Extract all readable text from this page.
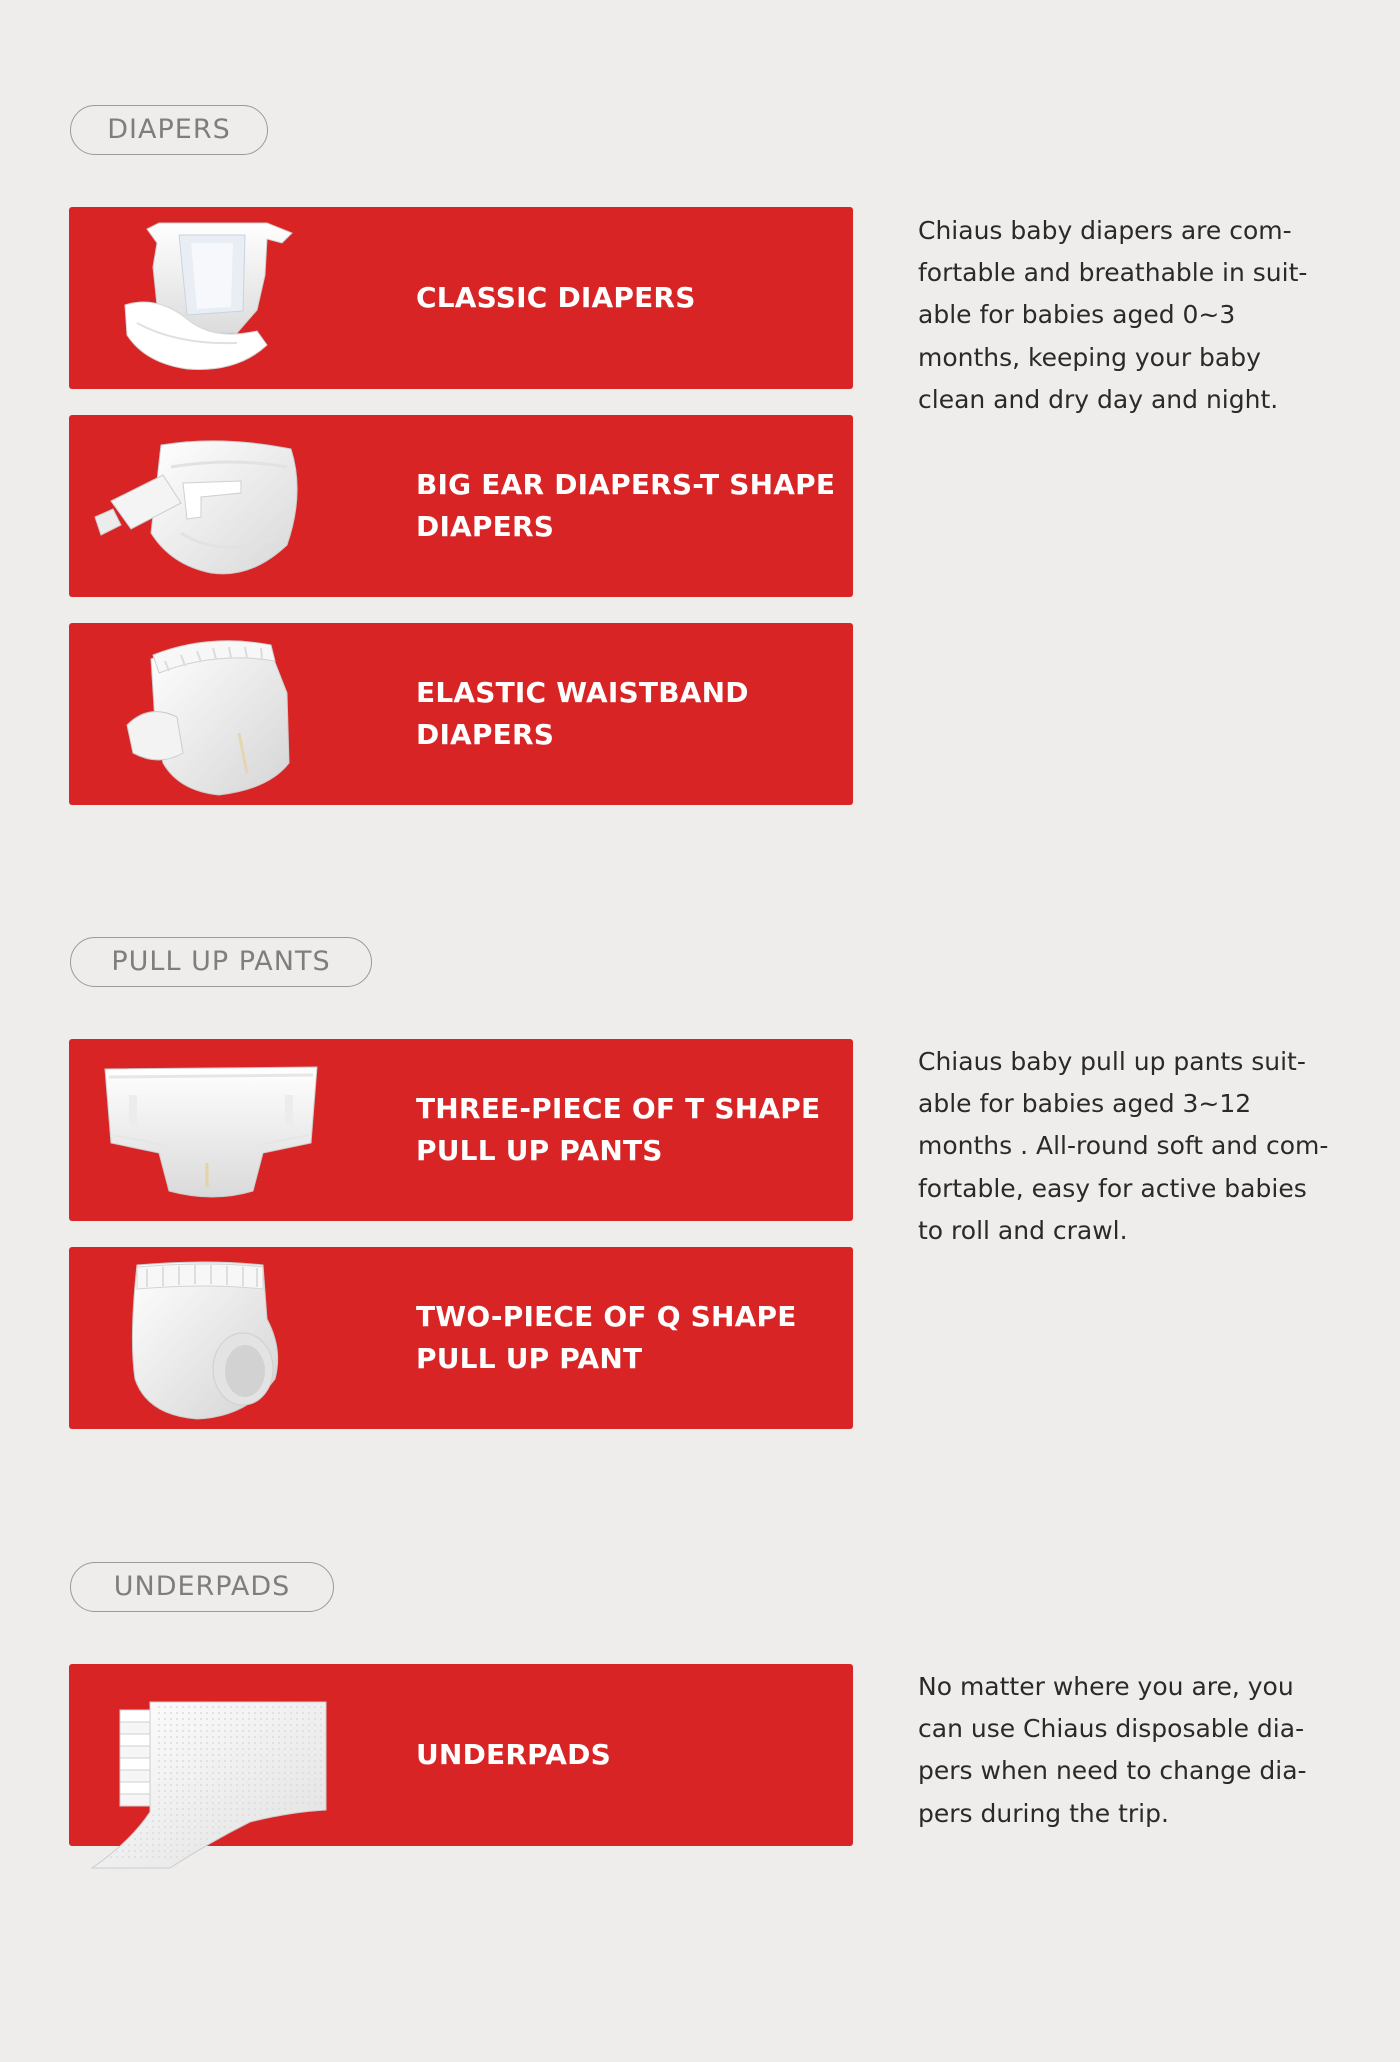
DIAPERS
CLASSIC DIAPERS
BIG EAR DIAPERS-T SHAPE
DIAPERS
ELASTIC WAISTBAND
DIAPERS
Chiaus baby diapers are com-
fortable and breathable in suit-
able for babies aged 0~3
months, keeping your baby
clean and dry day and night.
PULL UP PANTS
THREE-PIECE OF T SHAPE
PULL UP PANTS
TWO-PIECE OF Q SHAPE
PULL UP PANT
Chiaus baby pull up pants suit-
able for babies aged 3~12
months . All-round soft and com-
fortable, easy for active babies
to roll and crawl.
UNDERPADS
UNDERPADS
No matter where you are, you
can use Chiaus disposable dia-
pers when need to change dia-
pers during the trip.
